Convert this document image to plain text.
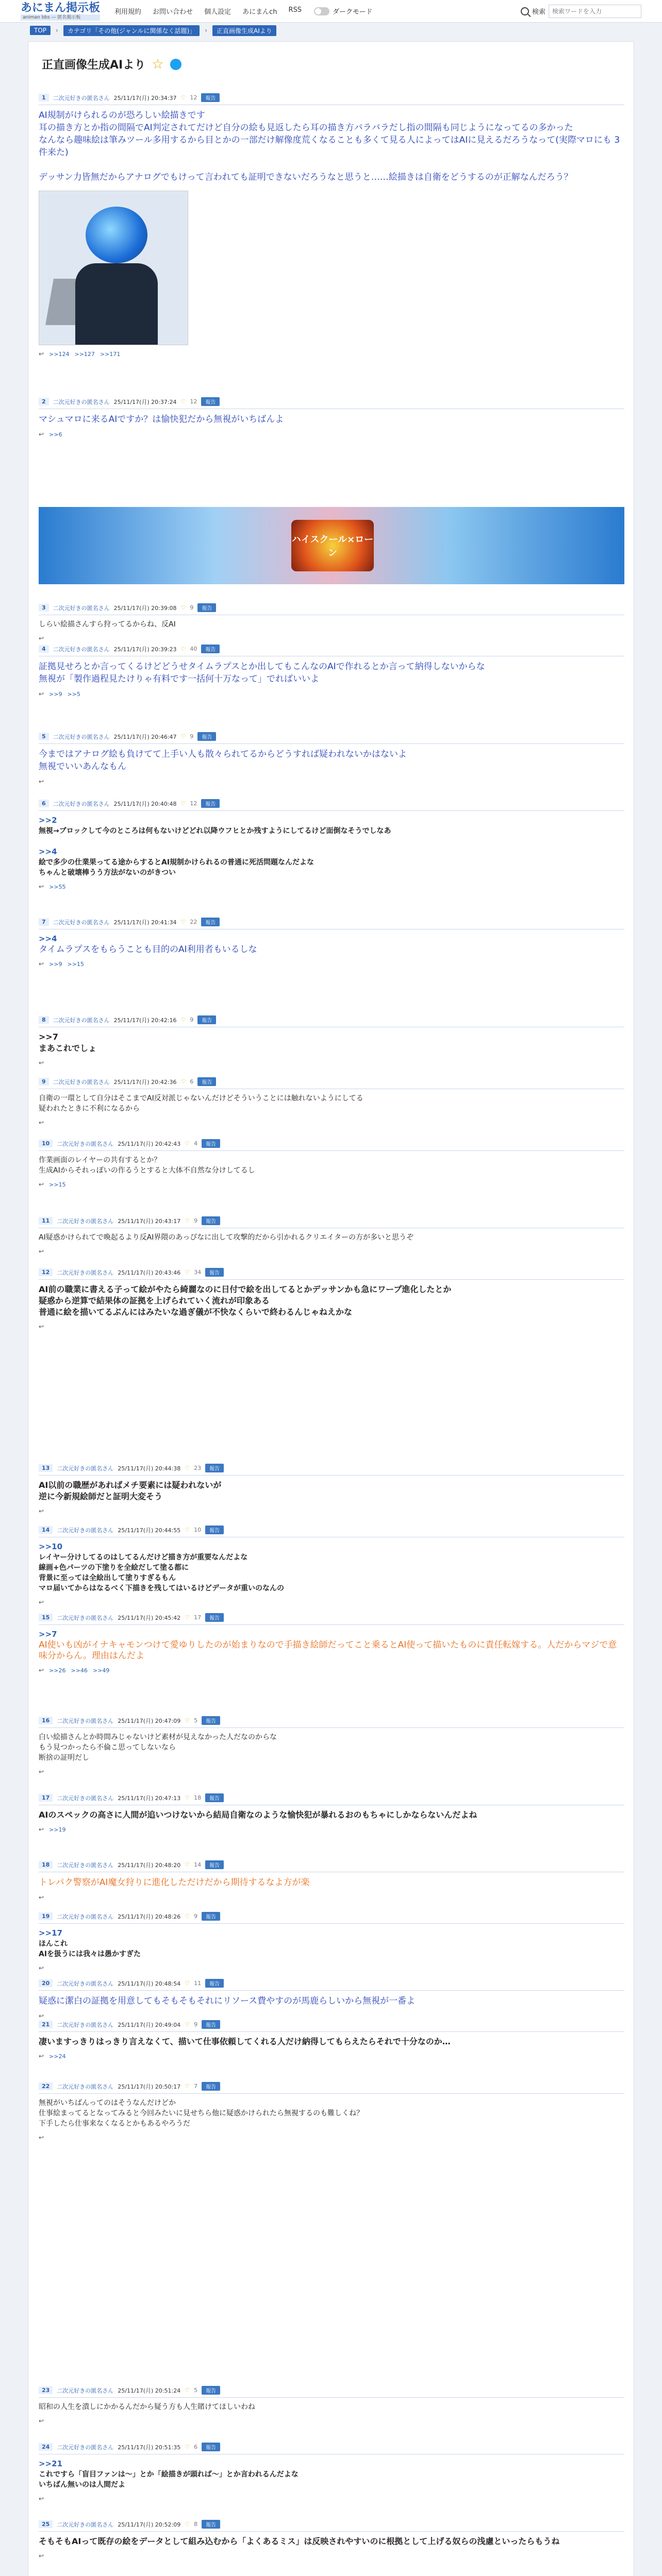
あにまん掲示板
animan bbs — 匿名掲示板
利用規約 お問い合わせ 個人設定 あにまんch RSS	ダークモード	検索
検索ワードを入力
TOP	›	カテゴリ「その他(ジャンルに関係なく話題)」	›	正直画像生成AIより
正直画像生成AIより ☆
1	二次元好きの匿名さん 25/11/17(月) 20:34:37 ♡ 12	報告
AI規制がけられるのが恐ろしい絵描きです
耳の描き方とか指の間隔でAI判定されてだけど自分の絵も見返したら耳の描き方バラバラだし指の間隔も同じようになってるの多かった
なんなら趣味絵は筆みツール多用するから目とかの一部だけ解像度荒くなることも多くて見る人によってはAIに見えるだろうなって(実際マロにも 3件来た)

デッサン力皆無だからアナログでもけって言われても証明できないだろうなと思うと……絵描きは自衛をどうするのが正解なんだろう？
↩ >>124 >>127 >>171
2	二次元好きの匿名さん 25/11/17(月) 20:37:24 ♡ 12	報告
マシュマロに来るAIですか？は愉快犯だから無視がいちばんよ
↩ >>6
3	二次元好きの匿名さん 25/11/17(月) 20:39:08 ♡ 9	報告
しらい絵描さんすら狩ってるからね、反AI
↩
4	二次元好きの匿名さん 25/11/17(月) 20:39:23 ♡ 40	報告
証拠見せろとか言ってくるけどどうせタイムラプスとか出してもこんなのAIで作れるとか言って納得しないからな
無視が「製作過程見たけりゃ有料です一括何十万なって」でればいいよ
↩ >>9 >>5
5	二次元好きの匿名さん 25/11/17(月) 20:46:47 ♡ 9	報告
今まではアナログ絵も負けてて上手い人も散々られてるからどうすれば疑われないかはないよ
無視でいいあんなもん
↩
6	二次元好きの匿名さん 25/11/17(月) 20:40:48 ♡ 12	報告
>>2
無視→ブロックして今のところは何もないけどどれ以降ウフヒとか残すようにしてるけど面倒なそうでしなあ

>>4
絵で多少の仕業果ってる途からするとAI規制かけられるの普通に死活問題なんだよな
ちゃんと破壊棒うう方法がないのがきつい
↩ >>55
7	二次元好きの匿名さん 25/11/17(月) 20:41:34 ♡ 22	報告
>>4
タイムラプスをもらうことも目的のAI利用者もいるしな
↩ >>9 >>15
8	二次元好きの匿名さん 25/11/17(月) 20:42:16 ♡ 9	報告
>>7
まあこれでしょ
↩
9	二次元好きの匿名さん 25/11/17(月) 20:42:36 ♡ 6	報告
自衛の一環として自分はそこまでAI反対派じゃないんだけどそういうことには触れないようにしてる
疑われたときに不利になるから
↩
10	二次元好きの匿名さん 25/11/17(月) 20:42:43 ♡ 4	報告
作業画面のレイヤーの共有するとか？
生成AIからそれっぽいの作るうとすると大体不自然な分けしてるし
↩ >>15
11	二次元好きの匿名さん 25/11/17(月) 20:43:17 ♡ 9	報告
AI疑惑かけられてで喚起るより反AI界隈のあっぴなに出して攻撃的だから引かれるクリエイターの方が多いと思うぞ
↩
12	二次元好きの匿名さん 25/11/17(月) 20:43:46 ♡ 34	報告
AI前の職業に書える子って絵がやたら綺麗なのに日付で絵を出してるとかデッサンかも急にワープ進化したとか
疑惑から逆算で結果体の証拠を上げられていく流れが印象ある
普通に絵を描いてるぶんにはみたいな過ぎ儀が不快なくらいで終わるんじゃねえかな
↩
13	二次元好きの匿名さん 25/11/17(月) 20:44:38 ♡ 23	報告
AI以前の職歴があればメチ要素には疑われないが
逆に今新規絵師だと証明大変そう
↩
14	二次元好きの匿名さん 25/11/17(月) 20:44:55 ♡ 10	報告
>>10
レイヤー分けしてるのはしてるんだけど描き方が重要なんだよな
線画+色パーツの下塗りを全絵だして塗る都に
背景に至っては全絵出して塗りすぎるもん
マロ届いてからはなるべく下描きを残してはいるけどデータが重いのなんの
↩
15	二次元好きの匿名さん 25/11/17(月) 20:45:42 ♡ 17	報告
>>7
AI使いも凶がイナキャモンつけて愛ゆりしたのが始まりなので手描き絵師だってこと乗るとAI使って描いたものに責任転嫁する。人だからマジで意味分からん。理由はんだよ
↩ >>26 >>46 >>49
16	二次元好きの匿名さん 25/11/17(月) 20:47:09 ♡ 5	報告
白い絵描さんとか時間みじゃないけど素材が見えなかった人だなのからな
もう見つかったら不倫こ思ってしないなら
断捨の証明だし
↩
17	二次元好きの匿名さん 25/11/17(月) 20:47:13 ♡ 18	報告
AIのスペックの高さに人間が追いつけないから結局自衛なのような愉快犯が暴れるおのもちゃにしかならないんだよね
↩ >>19
18	二次元好きの匿名さん 25/11/17(月) 20:48:20 ♡ 14	報告
トレパク警察がAI魔女狩りに進化しただけだから期待するなよ方が楽
↩
19	二次元好きの匿名さん 25/11/17(月) 20:48:26 ♡ 9	報告
>>17
ほんこれ
AIを扱うには我々は愚かすぎた
↩
20	二次元好きの匿名さん 25/11/17(月) 20:48:54 ♡ 11	報告
疑惑に潔白の証拠を用意してもそもそもそれにリソース費やすのが馬鹿らしいから無視が一番よ
↩
21	二次元好きの匿名さん 25/11/17(月) 20:49:04 ♡ 9	報告
凄いますっきりはっきり言えなくて、描いて仕事依頼してくれる人だけ納得してもらえたらそれで十分なのか…
↩ >>24
22	二次元好きの匿名さん 25/11/17(月) 20:50:17 ♡ 7	報告
無視がいちばんってのはそうなんだけどか
仕事絵まってるとなってみると今回みたいに見せちら他に疑惑かけられたら無視するのも難しくね？
下手したら仕事来なくなるとかもあるやろうだ
↩
23	二次元好きの匿名さん 25/11/17(月) 20:51:24 ♡ 5	報告
昭和の人生を潰しにかかるんだから疑う方も人生賭けてほしいわね
↩
24	二次元好きの匿名さん 25/11/17(月) 20:51:35 ♡ 6	報告
>>21
これですら「盲目ファンは〜」とか「絵描きが頭れば〜」とか言われるんだよな
いちばん無いのは人間だよ
↩
25	二次元好きの匿名さん 25/11/17(月) 20:52:09 ♡ 8	報告
そもそもAIって既存の絵をデータとして組み込むから「よくあるミス」は反映されやすいのに根拠として上げる奴らの浅慮といったらもうね
↩
ハイスクール×ローン
